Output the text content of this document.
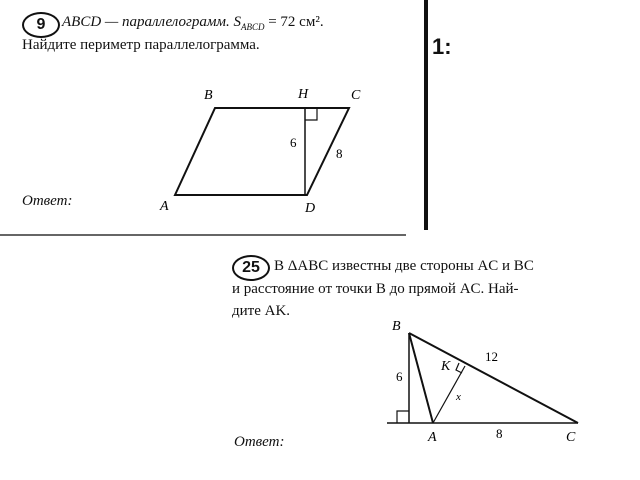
1:
9	ABCD — параллелограмм. $S_{ABCD} = 72$ см².
Найдите периметр параллелограмма.
Ответ:
B	H	C
A	D
6
8
25 В ΔABC известны две стороны AC и BC
и расстояние от точки B до прямой AC. Най-
дите AK.
Ответ:
B
K
A	C
12
6
8
x
